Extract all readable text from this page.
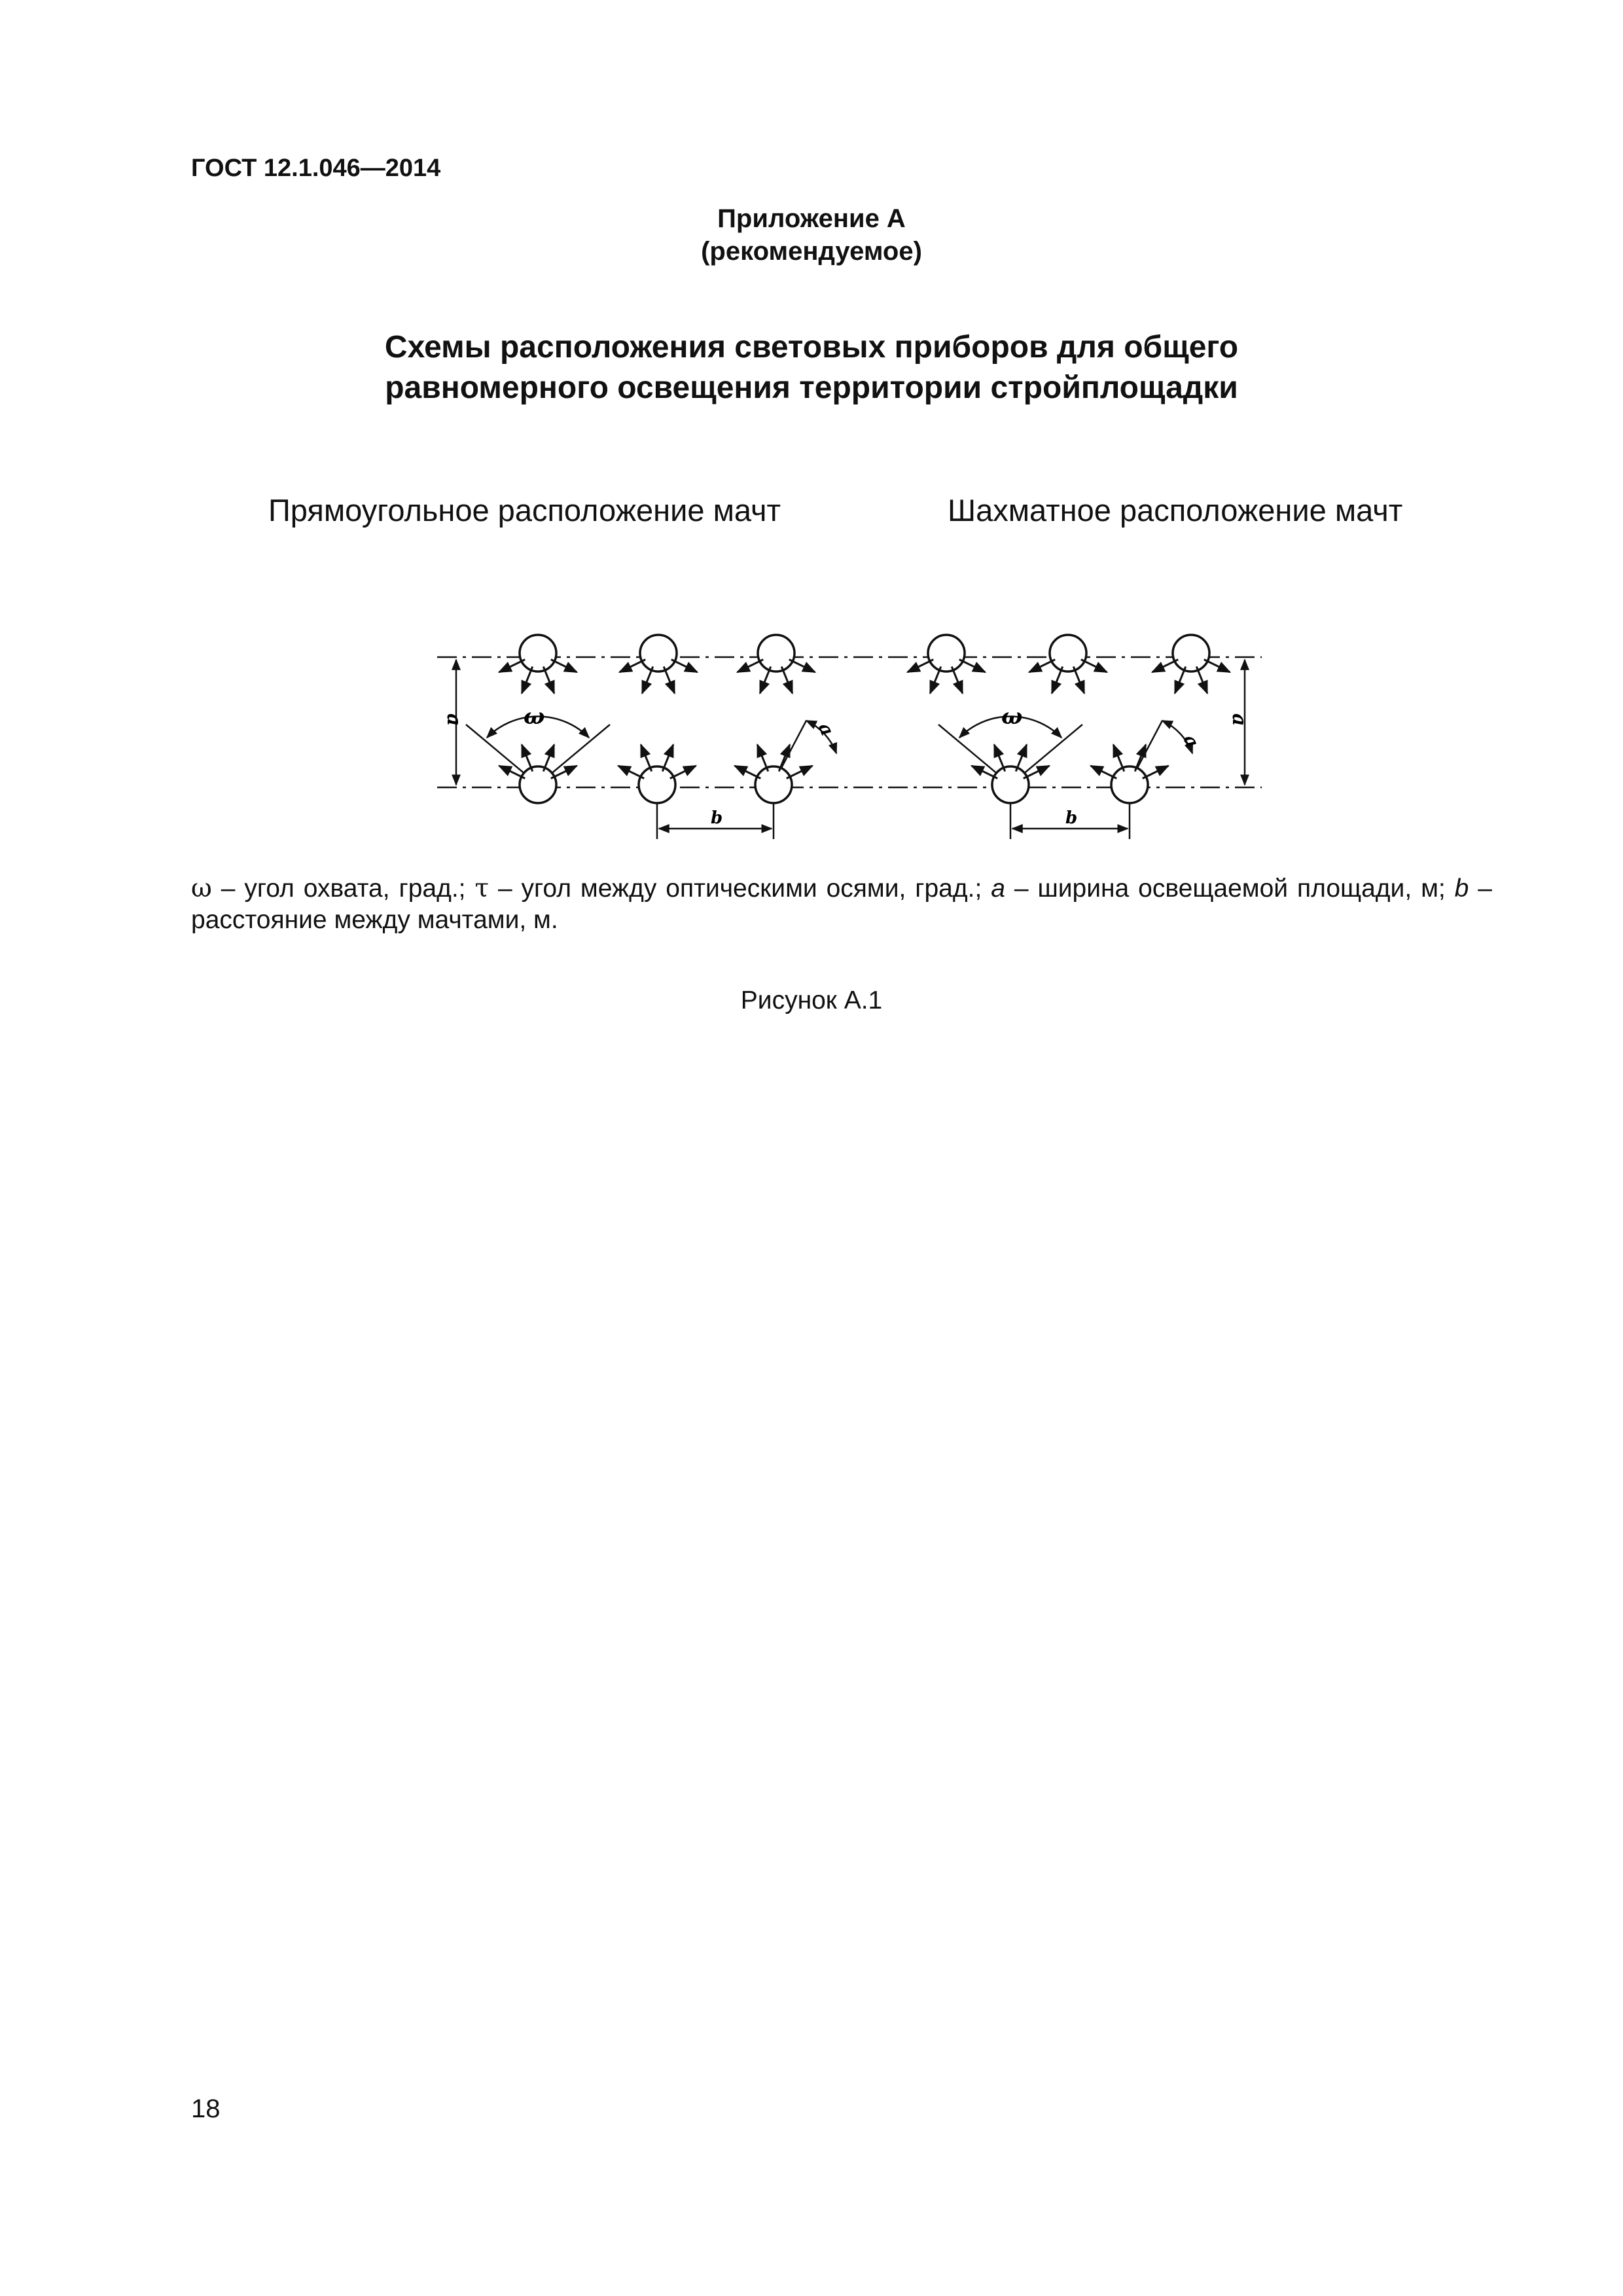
ГОСТ 12.1.046—2014
Приложение А
(рекомендуемое)
Схемы расположения световых приборов для общего
равномерного освещения территории стройплощадки
Прямоугольное расположение мачт	Шахматное расположение мачт
а	а
b	b
ω	ω
а
а
ω – угол охвата, град.; τ – угол между оптическими осями, град.; а – ширина освещаемой площади, м; b – расстояние между мачтами, м.
Рисунок А.1
18
